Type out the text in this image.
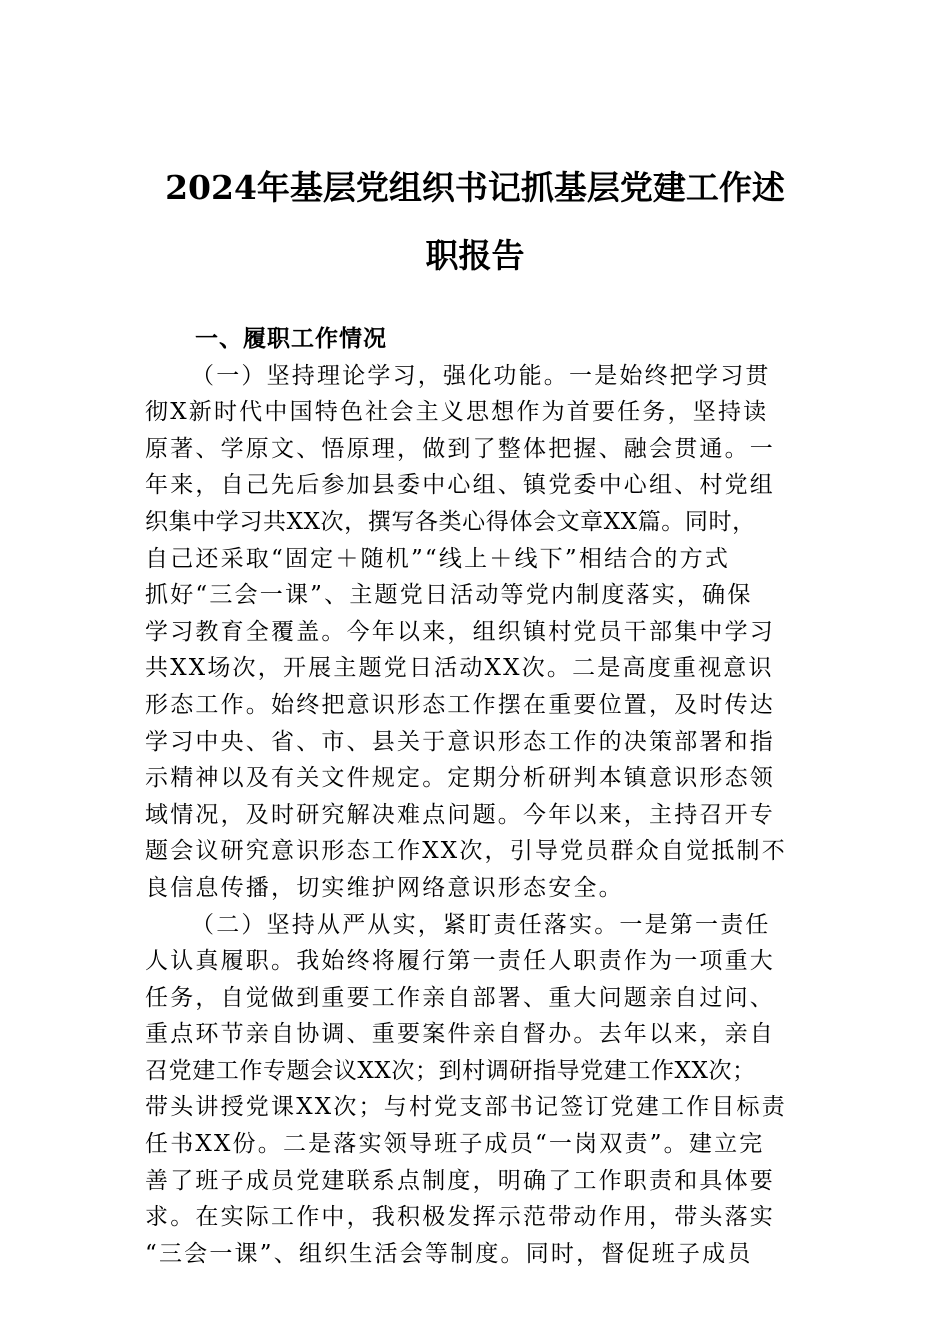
2024年基层党组织书记抓基层党建工作述
职报告
一、履职工作情况
（一）坚持理论学习，强化功能。一是始终把学习贯
彻X新时代中国特色社会主义思想作为首要任务，坚持读
原著、学原文、悟原理，做到了整体把握、融会贯通。一
年来，自己先后参加县委中心组、镇党委中心组、村党组
织集中学习共XX次，撰写各类心得体会文章XX篇。同时，
自己还采取“固定＋随机”“线上＋线下”相结合的方式
抓好“三会一课”、主题党日活动等党内制度落实，确保
学习教育全覆盖。今年以来，组织镇村党员干部集中学习
共XX场次，开展主题党日活动XX次。二是高度重视意识
形态工作。始终把意识形态工作摆在重要位置，及时传达
学习中央、省、市、县关于意识形态工作的决策部署和指
示精神以及有关文件规定。定期分析研判本镇意识形态领
域情况，及时研究解决难点问题。今年以来，主持召开专
题会议研究意识形态工作XX次，引导党员群众自觉抵制不
良信息传播，切实维护网络意识形态安全。
（二）坚持从严从实，紧盯责任落实。一是第一责任
人认真履职。我始终将履行第一责任人职责作为一项重大
任务，自觉做到重要工作亲自部署、重大问题亲自过问、
重点环节亲自协调、重要案件亲自督办。去年以来，亲自
召党建工作专题会议XX次；到村调研指导党建工作XX次；
带头讲授党课XX次；与村党支部书记签订党建工作目标责
任书XX份。二是落实领导班子成员“一岗双责”。建立完
善了班子成员党建联系点制度，明确了工作职责和具体要
求。在实际工作中，我积极发挥示范带动作用，带头落实
“三会一课”、组织生活会等制度。同时，督促班子成员
